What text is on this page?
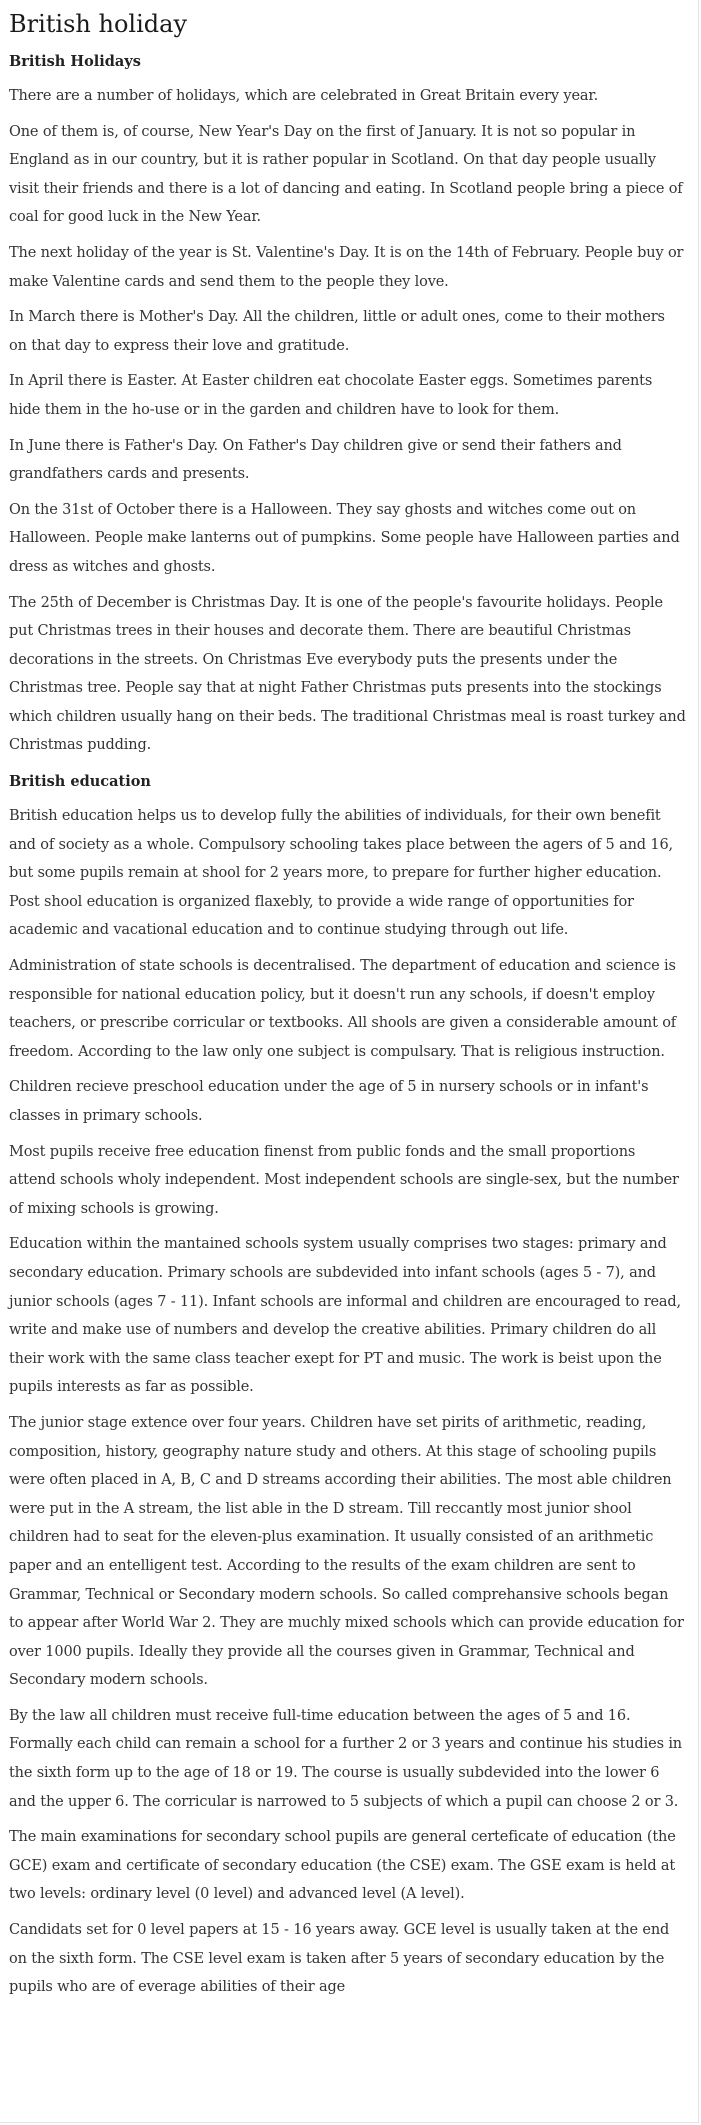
British holiday
British Holidays

There are a number of holidays, which are celebrated in Great Britain every year.

One of them is, of course, New Year's Day on the first of January. It is not so popular in England as in our country, but it is rather popular in Scotland. On that day people usually visit their friends and there is a lot of dancing and eating. In Scotland people bring a piece of coal for good luck in the New Year.

The next holiday of the year is St. Valentine's Day. It is on the 14th of February. People buy or make Valentine cards and send them to the people they love.

In March there is Mother's Day. All the children, little or adult ones, come to their mothers on that day to express their love and gratitude.

In April there is Easter. At Easter children eat chocolate Easter eggs. Sometimes parents hide them in the ho-use or in the garden and children have to look for them.

In June there is Father's Day. On Father's Day children give or send their fathers and grandfathers cards and presents.

On the 31st of October there is a Halloween. They say ghosts and witches come out on Halloween. People make lanterns out of pumpkins. Some people have Halloween parties and dress as witches and ghosts.

The 25th of December is Christmas Day. It is one of the people's favourite holidays. People put Christmas trees in their houses and decorate them. There are beautiful Christmas decorations in the streets. On Christmas Eve everybody puts the presents under the Christmas tree. People say that at night Father Christmas puts presents into the stockings which children usually hang on their beds. The traditional Christmas meal is roast turkey and Christmas pudding.

British education

British education helps us to develop fully the abilities of individuals, for their own benefit and of society as a whole. Compulsory schooling takes place between the agers of 5 and 16, but some pupils remain at shool for 2 years more, to prepare for further higher education. Post shool education is organized flaxebly, to provide a wide range of opportunities for academic and vacational education and to continue studying through out life.

Administration of state schools is decentralised. The department of education and science is responsible for national education policy, but it doesn't run any schools, if doesn't employ teachers, or prescribe corricular or textbooks. All shools are given a considerable amount of freedom. According to the law only one subject is compulsary. That is religious instruction.

Children recieve preschool education under the age of 5 in nursery schools or in infant's classes in primary schools.

Most pupils receive free education finenst from public fonds and the small proportions attend schools wholy independent. Most independent schools are single-sex, but the number of mixing schools is growing.

Education within the mantained schools system usually comprises two stages: primary and secondary education. Primary schools are subdevided into infant schools (ages 5 - 7), and junior schools (ages 7 - 11). Infant schools are informal and children are encouraged to read, write and make use of numbers and develop the creative abilities. Primary children do all their work with the same class teacher exept for PT and music. The work is beist upon the pupils interests as far as possible.

The junior stage extence over four years. Children have set pirits of arithmetic, reading, composition, history, geography nature study and others. At this stage of schooling pupils were often placed in A, B, C and D streams according their abilities. The most able children were put in the A stream, the list able in the D stream. Till reccantly most junior shool children had to seat for the eleven-plus examination. It usually consisted of an arithmetic paper and an entelligent test. According to the results of the exam children are sent to Grammar, Technical or Secondary modern schools. So called comprehansive schools began to appear after World War 2. They are muchly mixed schools which can provide education for over 1000 pupils. Ideally they provide all the courses given in Grammar, Technical and Secondary modern schools.

By the law all children must receive full-time education between the ages of 5 and 16. Formally each child can remain a school for a further 2 or 3 years and continue his studies in the sixth form up to the age of 18 or 19. The course is usually subdevided into the lower 6 and the upper 6. The corricular is narrowed to 5 subjects of which a pupil can choose 2 or 3.

The main examinations for secondary school pupils are general certeficate of education (the GCE) exam and certificate of secondary education (the CSE) exam. The GSE exam is held at two levels: ordinary level (0 level) and advanced level (A level).

Candidats set for 0 level papers at 15 - 16 years away. GCE level is usually taken at the end on the sixth form. The CSE level exam is taken after 5 years of secondary education by the pupils who are of everage abilities of their age
